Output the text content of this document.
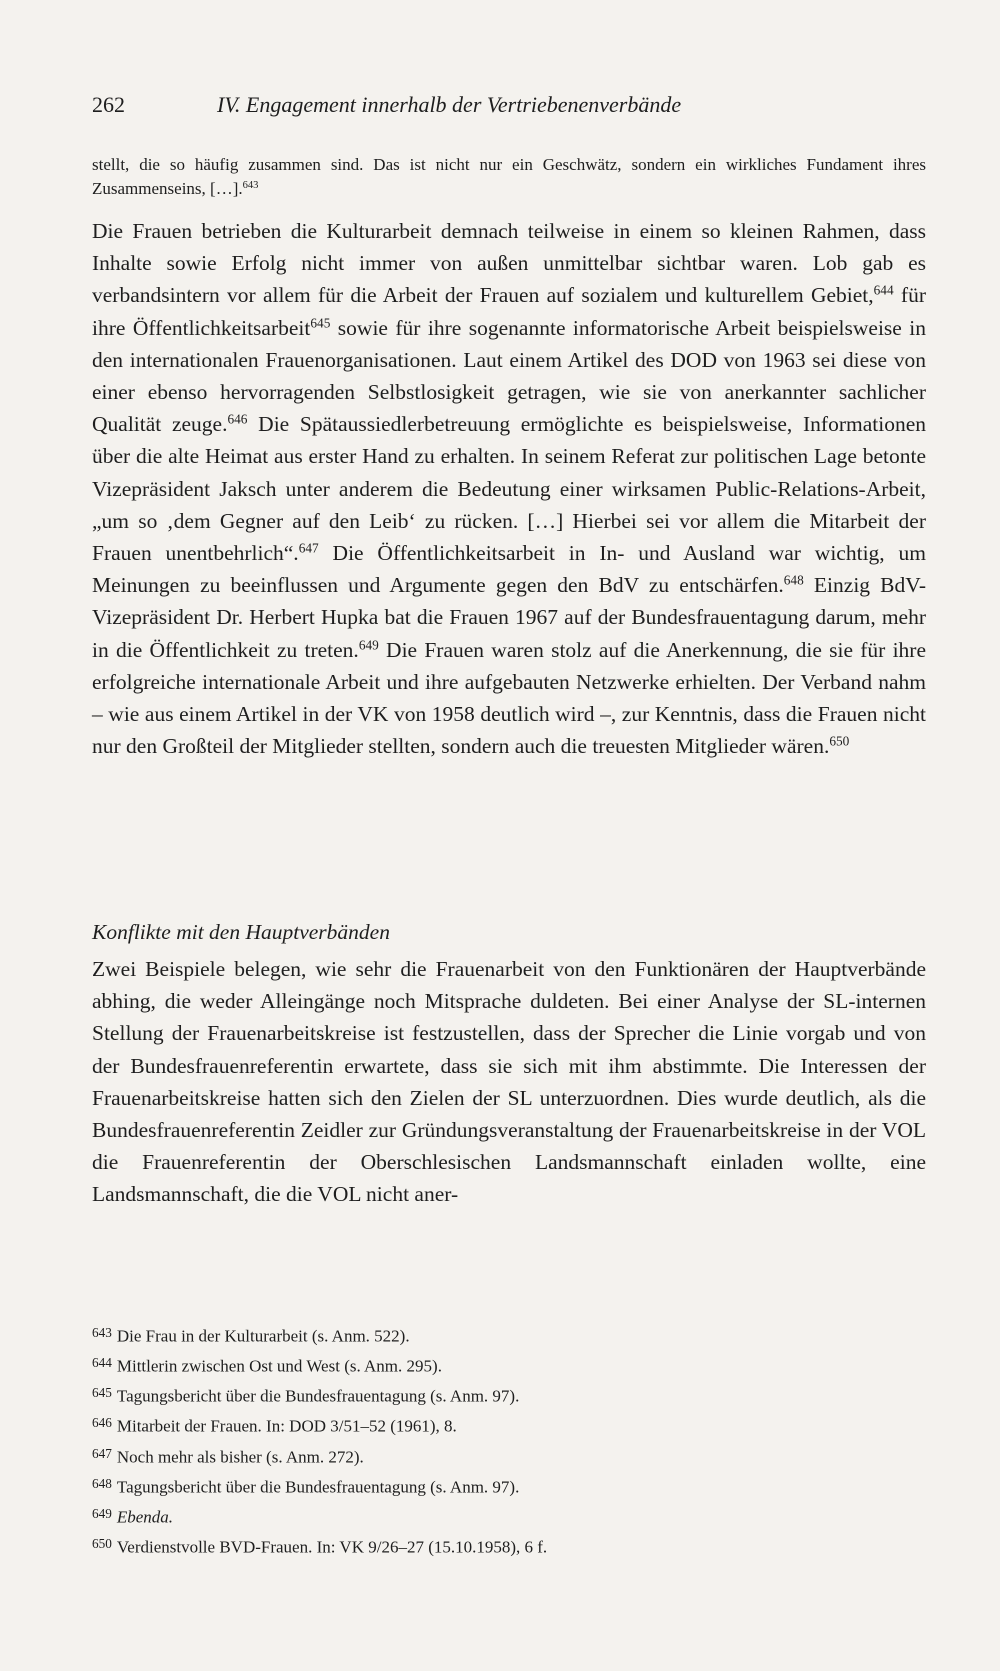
262	IV. Engagement innerhalb der Vertriebenenverbände
stellt, die so häufig zusammen sind. Das ist nicht nur ein Geschwätz, sondern ein wirkliches Fundament ihres Zusammenseins, […].$^{643}$
Die Frauen betrieben die Kulturarbeit demnach teilweise in einem so kleinen Rahmen, dass Inhalte sowie Erfolg nicht immer von außen unmittelbar sichtbar waren. Lob gab es verbandsintern vor allem für die Arbeit der Frauen auf sozialem und kulturellem Gebiet,$^{644}$ für ihre Öffentlichkeitsarbeit$^{645}$ sowie für ihre sogenannte informatorische Arbeit beispielsweise in den internationalen Frauenorganisationen. Laut einem Artikel des DOD von 1963 sei diese von einer ebenso hervorragenden Selbstlosigkeit getragen, wie sie von anerkannter sachlicher Qualität zeuge.$^{646}$ Die Spätaussiedlerbetreuung ermöglichte es beispielsweise, Informationen über die alte Heimat aus erster Hand zu erhalten. In seinem Referat zur politischen Lage betonte Vizepräsident Jaksch unter anderem die Bedeutung einer wirksamen Public-Relations-Arbeit, „um so ‚dem Gegner auf den Leib‘ zu rücken. […] Hierbei sei vor allem die Mitarbeit der Frauen unentbehrlich“.$^{647}$ Die Öffentlichkeitsarbeit in In- und Ausland war wichtig, um Meinungen zu beeinflussen und Argumente gegen den BdV zu entschärfen.$^{648}$ Einzig BdV-Vizepräsident Dr. Herbert Hupka bat die Frauen 1967 auf der Bundesfrauentagung darum, mehr in die Öffentlichkeit zu treten.$^{649}$ Die Frauen waren stolz auf die Anerkennung, die sie für ihre erfolgreiche internationale Arbeit und ihre aufgebauten Netzwerke erhielten. Der Verband nahm – wie aus einem Artikel in der VK von 1958 deutlich wird –, zur Kenntnis, dass die Frauen nicht nur den Großteil der Mitglieder stellten, sondern auch die treuesten Mitglieder wären.$^{650}$
Konflikte mit den Hauptverbänden
Zwei Beispiele belegen, wie sehr die Frauenarbeit von den Funktionären der Hauptverbände abhing, die weder Alleingänge noch Mitsprache duldeten. Bei einer Analyse der SL-internen Stellung der Frauenarbeitskreise ist festzustellen, dass der Sprecher die Linie vorgab und von der Bundesfrauenreferentin erwartete, dass sie sich mit ihm abstimmte. Die Interessen der Frauenarbeitskreise hatten sich den Zielen der SL unterzuordnen. Dies wurde deutlich, als die Bundesfrauenreferentin Zeidler zur Gründungsveranstaltung der Frauenarbeitskreise in der VOL die Frauenreferentin der Oberschlesischen Landsmannschaft einladen wollte, eine Landsmannschaft, die die VOL nicht aner-
$^{643}$ Die Frau in der Kulturarbeit (s. Anm. 522).
$^{644}$ Mittlerin zwischen Ost und West (s. Anm. 295).
$^{645}$ Tagungsbericht über die Bundesfrauentagung (s. Anm. 97).
$^{646}$ Mitarbeit der Frauen. In: DOD 3/51–52 (1961), 8.
$^{647}$ Noch mehr als bisher (s. Anm. 272).
$^{648}$ Tagungsbericht über die Bundesfrauentagung (s. Anm. 97).
$^{649}$ Ebenda.
$^{650}$ Verdienstvolle BVD-Frauen. In: VK 9/26–27 (15.10.1958), 6 f.
